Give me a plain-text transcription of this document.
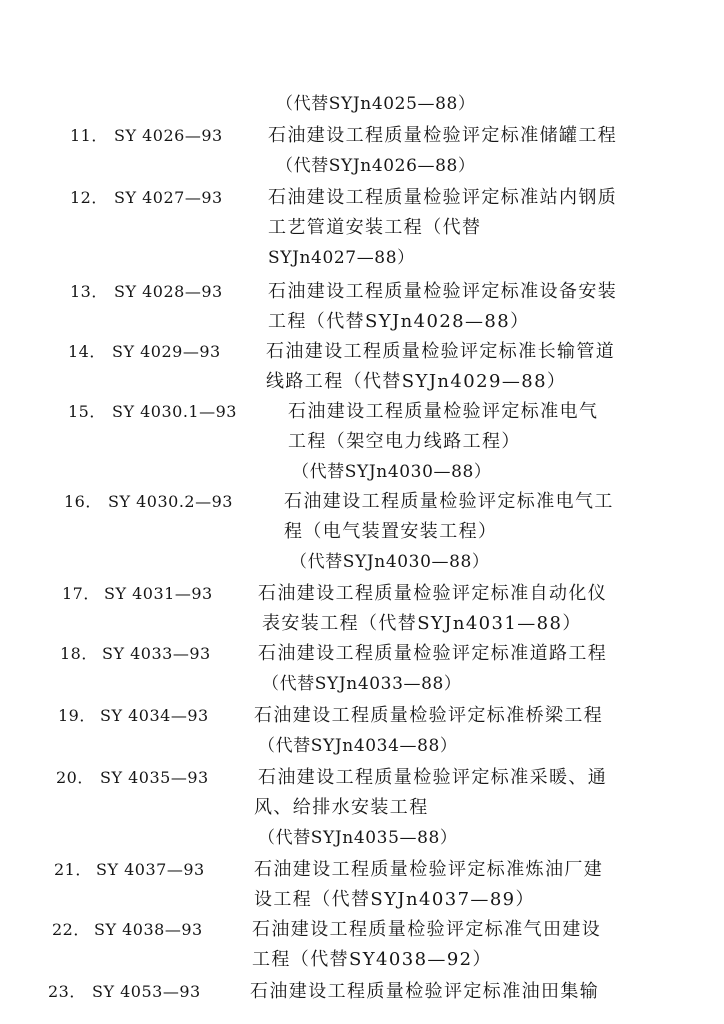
（代替SYJn4025—88）
11． SY 4026—93	石油建设工程质量检验评定标准储罐工程
（代替SYJn4026—88）
12． SY 4027—93	石油建设工程质量检验评定标准站内钢质
工艺管道安装工程（代替
SYJn4027—88）
13． SY 4028—93	石油建设工程质量检验评定标准设备安装
工程（代替SYJn4028—88）
14． SY 4029—93	石油建设工程质量检验评定标准长输管道
线路工程（代替SYJn4029—88）
15． SY 4030.1—93	石油建设工程质量检验评定标准电气
工程（架空电力线路工程）
（代替SYJn4030—88）
16． SY 4030.2—93	石油建设工程质量检验评定标准电气工
程（电气装置安装工程）
（代替SYJn4030—88）
17． SY 4031—93	石油建设工程质量检验评定标准自动化仪
表安装工程（代替SYJn4031—88）
18． SY 4033—93	石油建设工程质量检验评定标准道路工程
（代替SYJn4033—88）
19． SY 4034—93	石油建设工程质量检验评定标准桥梁工程
（代替SYJn4034—88）
20． SY 4035—93	石油建设工程质量检验评定标准采暖、通
风、给排水安装工程
（代替SYJn4035—88）
21． SY 4037—93	石油建设工程质量检验评定标准炼油厂建
设工程（代替SYJn4037—89）
22． SY 4038—93	石油建设工程质量检验评定标准气田建设
工程（代替SY4038—92）
23． SY 4053—93	石油建设工程质量检验评定标准油田集输
